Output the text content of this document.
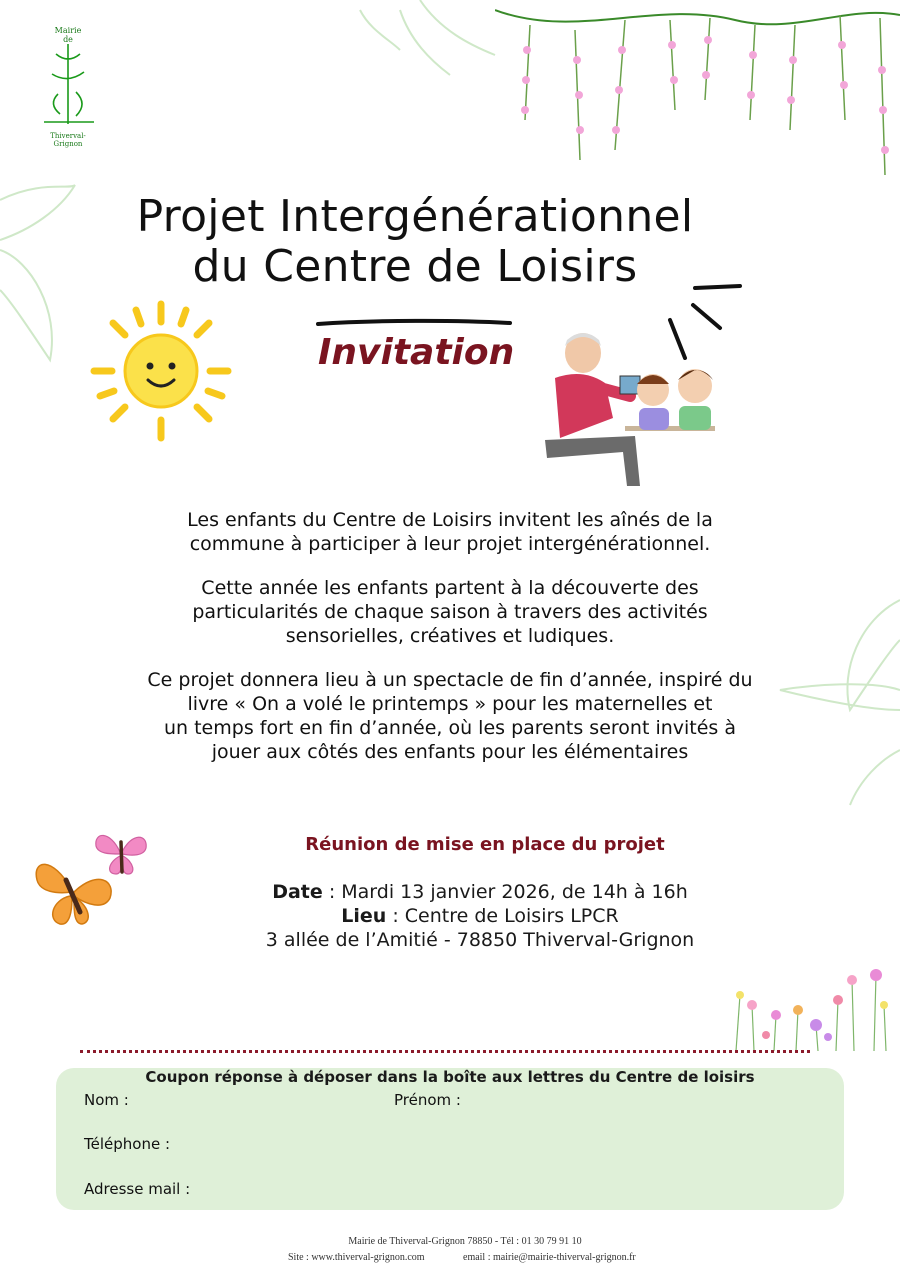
Mairie
de
Thiverval-Grignon
Projet Intergénérationnel
du Centre de Loisirs
Invitation
Les enfants du Centre de Loisirs invitent les aînés de la
commune à participer à leur projet intergénérationnel.
Cette année les enfants partent à la découverte des
particularités de chaque saison à travers des activités
sensorielles, créatives et ludiques.
Ce projet donnera lieu à un spectacle de fin d’année, inspiré du
livre « On a volé le printemps » pour les maternelles et
un temps fort en fin d’année, où les parents seront invités à
jouer aux côtés des enfants pour les élémentaires
Réunion de mise en place du projet
Date : Mardi 13 janvier 2026, de 14h à 16h
Lieu : Centre de Loisirs LPCR
3 allée de l’Amitié - 78850 Thiverval-Grignon
Coupon réponse à déposer dans la boîte aux lettres du Centre de loisirs
Nom :	Prénom :
Téléphone :
Adresse mail :
Mairie de Thiverval-Grignon 78850 - Tél : 01 30 79 91 10
Site : www.thiverval-grignon.com	email : mairie@mairie-thiverval-grignon.fr
